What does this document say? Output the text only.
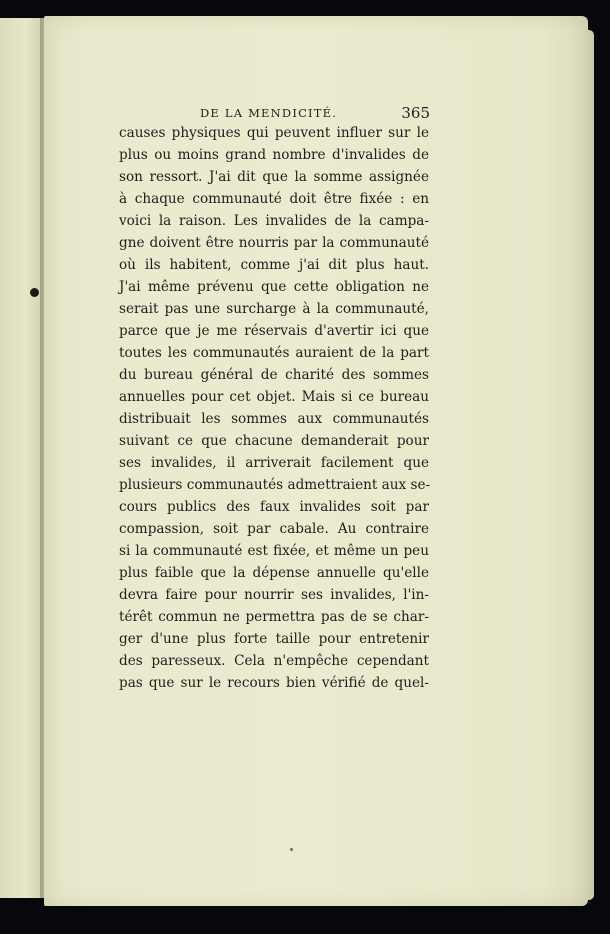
DE LA MENDICITÉ.	365
causes physiques qui peuvent influer sur le
plus ou moins grand nombre d'invalides de
son ressort. J'ai dit que la somme assignée
à chaque communauté doit être fixée : en
voici la raison. Les invalides de la campa-
gne doivent être nourris par la communauté
où ils habitent, comme j'ai dit plus haut.
J'ai même prévenu que cette obligation ne
serait pas une surcharge à la communauté,
parce que je me réservais d'avertir ici que
toutes les communautés auraient de la part
du bureau général de charité des sommes
annuelles pour cet objet. Mais si ce bureau
distribuait les sommes aux communautés
suivant ce que chacune demanderait pour
ses invalides, il arriverait facilement que
plusieurs communautés admettraient aux se-
cours publics des faux invalides soit par
compassion, soit par cabale. Au contraire
si la communauté est fixée, et même un peu
plus faible que la dépense annuelle qu'elle
devra faire pour nourrir ses invalides, l'in-
térêt commun ne permettra pas de se char-
ger d'une plus forte taille pour entretenir
des paresseux. Cela n'empêche cependant
pas que sur le recours bien vérifié de quel-
